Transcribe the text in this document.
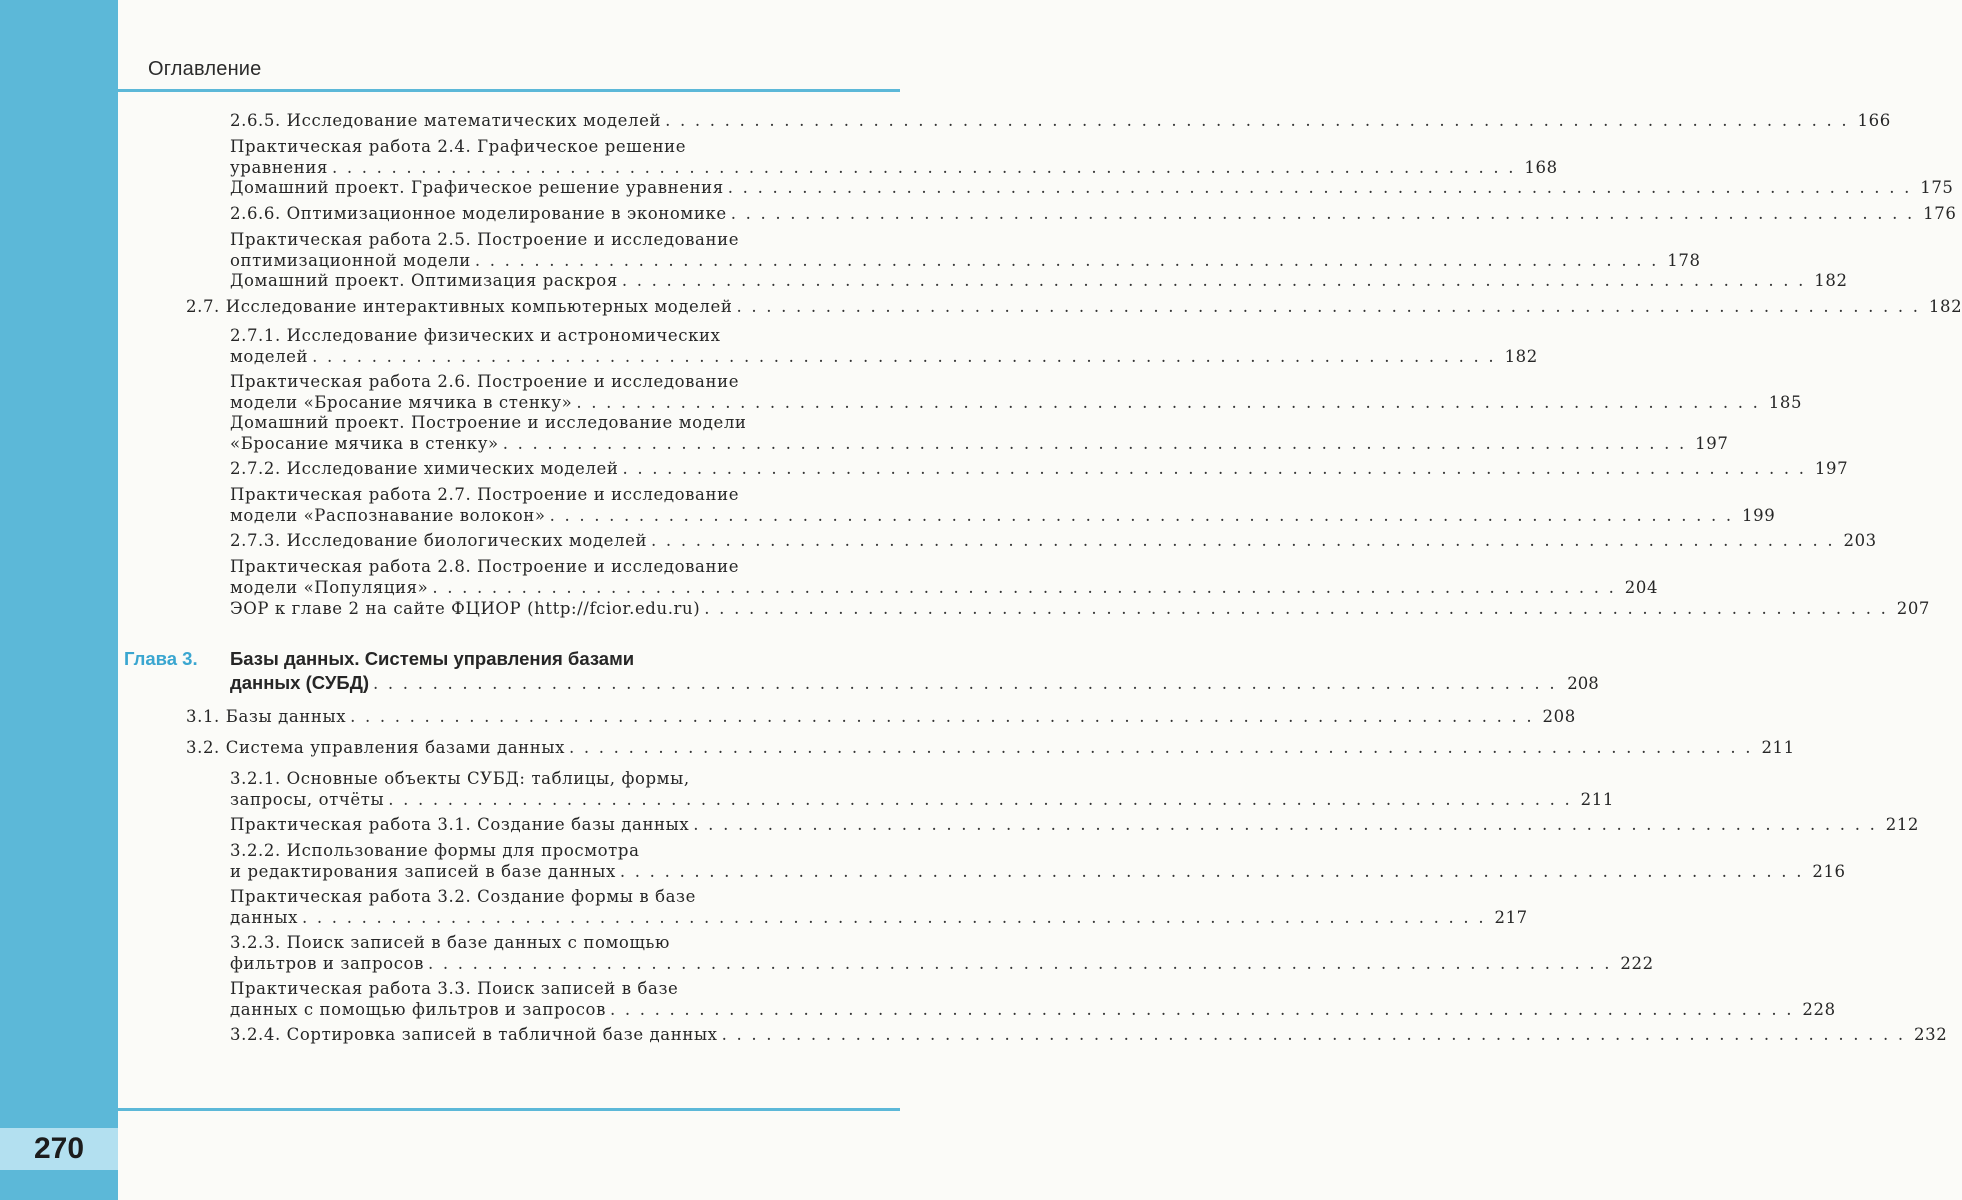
Оглавление
270
Глава 3. Базы данных. Системы управления базами
данных (СУБД) . . . . . . . . . . . . . . . . . . . . . . . . . . . . . . . . . . . . . . . . . . . . . . . . . . . . . . . . . . . . . . . . . . . . . . . . . . . . . . . . 208
2.6.5. Исследование математических моделей . . . . . . . . . . . . . . . . . . . . . . . . . . . . . . . . . . . . . . . . . . . . . . . . . . . . . . . . . . . . . . . . . . . . . . . . . . . . . . . . 166
Практическая работа 2.4. Графическое решение
уравнения . . . . . . . . . . . . . . . . . . . . . . . . . . . . . . . . . . . . . . . . . . . . . . . . . . . . . . . . . . . . . . . . . . . . . . . . . . . . . . . . 168
Домашний проект. Графическое решение уравнения . . . . . . . . . . . . . . . . . . . . . . . . . . . . . . . . . . . . . . . . . . . . . . . . . . . . . . . . . . . . . . . . . . . . . . . . . . . . . . . . 175
2.6.6. Оптимизационное моделирование в экономике . . . . . . . . . . . . . . . . . . . . . . . . . . . . . . . . . . . . . . . . . . . . . . . . . . . . . . . . . . . . . . . . . . . . . . . . . . . . . . . . 176
Практическая работа 2.5. Построение и исследование
оптимизационной модели . . . . . . . . . . . . . . . . . . . . . . . . . . . . . . . . . . . . . . . . . . . . . . . . . . . . . . . . . . . . . . . . . . . . . . . . . . . . . . . . 178
Домашний проект. Оптимизация раскроя . . . . . . . . . . . . . . . . . . . . . . . . . . . . . . . . . . . . . . . . . . . . . . . . . . . . . . . . . . . . . . . . . . . . . . . . . . . . . . . . 182
2.7. Исследование интерактивных компьютерных моделей . . . . . . . . . . . . . . . . . . . . . . . . . . . . . . . . . . . . . . . . . . . . . . . . . . . . . . . . . . . . . . . . . . . . . . . . . . . . . . . . 182
2.7.1. Исследование физических и астрономических
моделей . . . . . . . . . . . . . . . . . . . . . . . . . . . . . . . . . . . . . . . . . . . . . . . . . . . . . . . . . . . . . . . . . . . . . . . . . . . . . . . . 182
Практическая работа 2.6. Построение и исследование
модели «Бросание мячика в стенку» . . . . . . . . . . . . . . . . . . . . . . . . . . . . . . . . . . . . . . . . . . . . . . . . . . . . . . . . . . . . . . . . . . . . . . . . . . . . . . . . 185
Домашний проект. Построение и исследование модели
«Бросание мячика в стенку» . . . . . . . . . . . . . . . . . . . . . . . . . . . . . . . . . . . . . . . . . . . . . . . . . . . . . . . . . . . . . . . . . . . . . . . . . . . . . . . . 197
2.7.2. Исследование химических моделей . . . . . . . . . . . . . . . . . . . . . . . . . . . . . . . . . . . . . . . . . . . . . . . . . . . . . . . . . . . . . . . . . . . . . . . . . . . . . . . . 197
Практическая работа 2.7. Построение и исследование
модели «Распознавание волокон» . . . . . . . . . . . . . . . . . . . . . . . . . . . . . . . . . . . . . . . . . . . . . . . . . . . . . . . . . . . . . . . . . . . . . . . . . . . . . . . . 199
2.7.3. Исследование биологических моделей . . . . . . . . . . . . . . . . . . . . . . . . . . . . . . . . . . . . . . . . . . . . . . . . . . . . . . . . . . . . . . . . . . . . . . . . . . . . . . . . 203
Практическая работа 2.8. Построение и исследование
модели «Популяция» . . . . . . . . . . . . . . . . . . . . . . . . . . . . . . . . . . . . . . . . . . . . . . . . . . . . . . . . . . . . . . . . . . . . . . . . . . . . . . . . 204
ЭОР к главе 2 на сайте ФЦИОР (http://fcior.edu.ru) . . . . . . . . . . . . . . . . . . . . . . . . . . . . . . . . . . . . . . . . . . . . . . . . . . . . . . . . . . . . . . . . . . . . . . . . . . . . . . . . 207
3.1. Базы данных . . . . . . . . . . . . . . . . . . . . . . . . . . . . . . . . . . . . . . . . . . . . . . . . . . . . . . . . . . . . . . . . . . . . . . . . . . . . . . . . 208
3.2. Система управления базами данных . . . . . . . . . . . . . . . . . . . . . . . . . . . . . . . . . . . . . . . . . . . . . . . . . . . . . . . . . . . . . . . . . . . . . . . . . . . . . . . . 211
3.2.1. Основные объекты СУБД: таблицы, формы,
запросы, отчёты . . . . . . . . . . . . . . . . . . . . . . . . . . . . . . . . . . . . . . . . . . . . . . . . . . . . . . . . . . . . . . . . . . . . . . . . . . . . . . . . 211
Практическая работа 3.1. Создание базы данных . . . . . . . . . . . . . . . . . . . . . . . . . . . . . . . . . . . . . . . . . . . . . . . . . . . . . . . . . . . . . . . . . . . . . . . . . . . . . . . . 212
3.2.2. Использование формы для просмотра
и редактирования записей в базе данных . . . . . . . . . . . . . . . . . . . . . . . . . . . . . . . . . . . . . . . . . . . . . . . . . . . . . . . . . . . . . . . . . . . . . . . . . . . . . . . . 216
Практическая работа 3.2. Создание формы в базе
данных . . . . . . . . . . . . . . . . . . . . . . . . . . . . . . . . . . . . . . . . . . . . . . . . . . . . . . . . . . . . . . . . . . . . . . . . . . . . . . . . 217
3.2.3. Поиск записей в базе данных с помощью
фильтров и запросов . . . . . . . . . . . . . . . . . . . . . . . . . . . . . . . . . . . . . . . . . . . . . . . . . . . . . . . . . . . . . . . . . . . . . . . . . . . . . . . . 222
Практическая работа 3.3. Поиск записей в базе
данных с помощью фильтров и запросов . . . . . . . . . . . . . . . . . . . . . . . . . . . . . . . . . . . . . . . . . . . . . . . . . . . . . . . . . . . . . . . . . . . . . . . . . . . . . . . . 228
3.2.4. Сортировка записей в табличной базе данных . . . . . . . . . . . . . . . . . . . . . . . . . . . . . . . . . . . . . . . . . . . . . . . . . . . . . . . . . . . . . . . . . . . . . . . . . . . . . . . . 232
